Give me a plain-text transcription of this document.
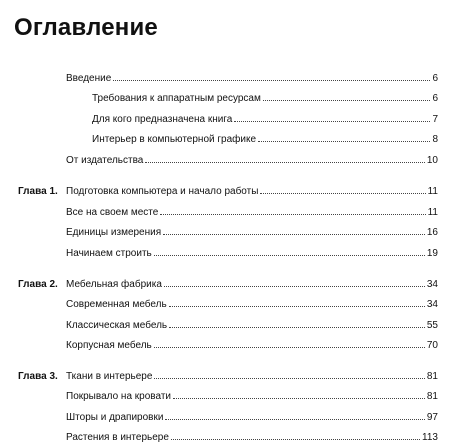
Оглавление
Введение	6
Требования к аппаратным ресурсам	6
Для кого предназначена книга	7
Интерьер в компьютерной графике	8
От издательства	10
Глава 1. Подготовка компьютера и начало работы	11
Все на своем месте	11
Единицы измерения	16
Начинаем строить	19
Глава 2. Мебельная фабрика	34
Современная мебель	34
Классическая мебель	55
Корпусная мебель	70
Глава 3. Ткани в интерьере	81
Покрывало на кровати	81
Шторы и драпировки	97
Растения в интерьере	113
